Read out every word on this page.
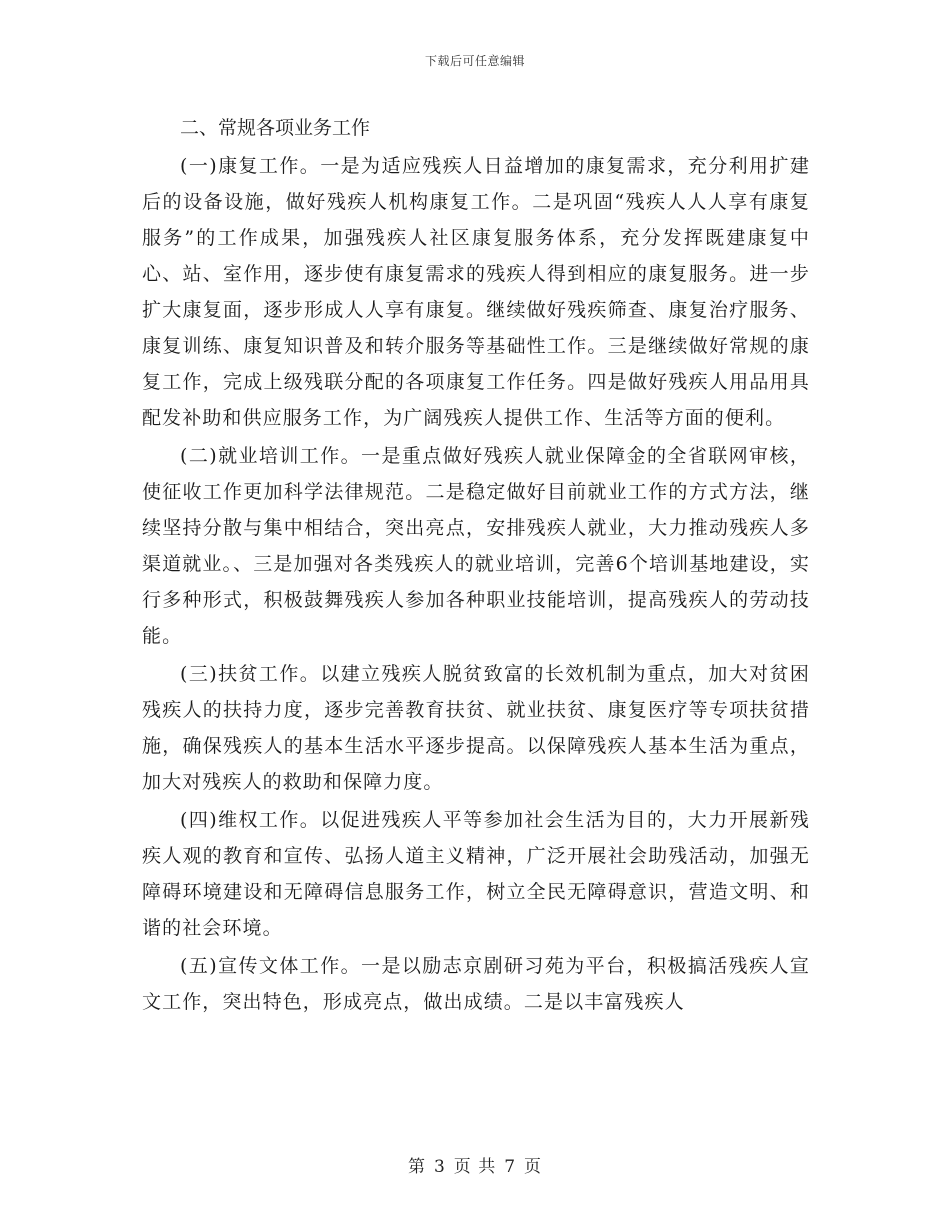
下载后可任意编辑

二、常规各项业务工作

(一)康复工作。一是为适应残疾人日益增加的康复需求，充分利用扩建后的设备设施，做好残疾人机构康复工作。二是巩固“残疾人人人享有康复服务”的工作成果，加强残疾人社区康复服务体系，充分发挥既建康复中心、站、室作用，逐步使有康复需求的残疾人得到相应的康复服务。进一步扩大康复面，逐步形成人人享有康复。继续做好残疾筛查、康复治疗服务、康复训练、康复知识普及和转介服务等基础性工作。三是继续做好常规的康复工作，完成上级残联分配的各项康复工作任务。四是做好残疾人用品用具配发补助和供应服务工作，为广阔残疾人提供工作、生活等方面的便利。

(二)就业培训工作。一是重点做好残疾人就业保障金的全省联网审核，使征收工作更加科学法律规范。二是稳定做好目前就业工作的方式方法，继续坚持分散与集中相结合，突出亮点，安排残疾人就业，大力推动残疾人多渠道就业。、三是加强对各类残疾人的就业培训，完善6个培训基地建设，实行多种形式，积极鼓舞残疾人参加各种职业技能培训，提高残疾人的劳动技能。

(三)扶贫工作。以建立残疾人脱贫致富的长效机制为重点，加大对贫困残疾人的扶持力度，逐步完善教育扶贫、就业扶贫、康复医疗等专项扶贫措施，确保残疾人的基本生活水平逐步提高。以保障残疾人基本生活为重点，加大对残疾人的救助和保障力度。

(四)维权工作。以促进残疾人平等参加社会生活为目的，大力开展新残疾人观的教育和宣传、弘扬人道主义精神，广泛开展社会助残活动，加强无障碍环境建设和无障碍信息服务工作，树立全民无障碍意识，营造文明、和谐的社会环境。

(五)宣传文体工作。一是以励志京剧研习苑为平台，积极搞活残疾人宣文工作，突出特色，形成亮点，做出成绩。二是以丰富残疾人

第 3 页 共 7 页
